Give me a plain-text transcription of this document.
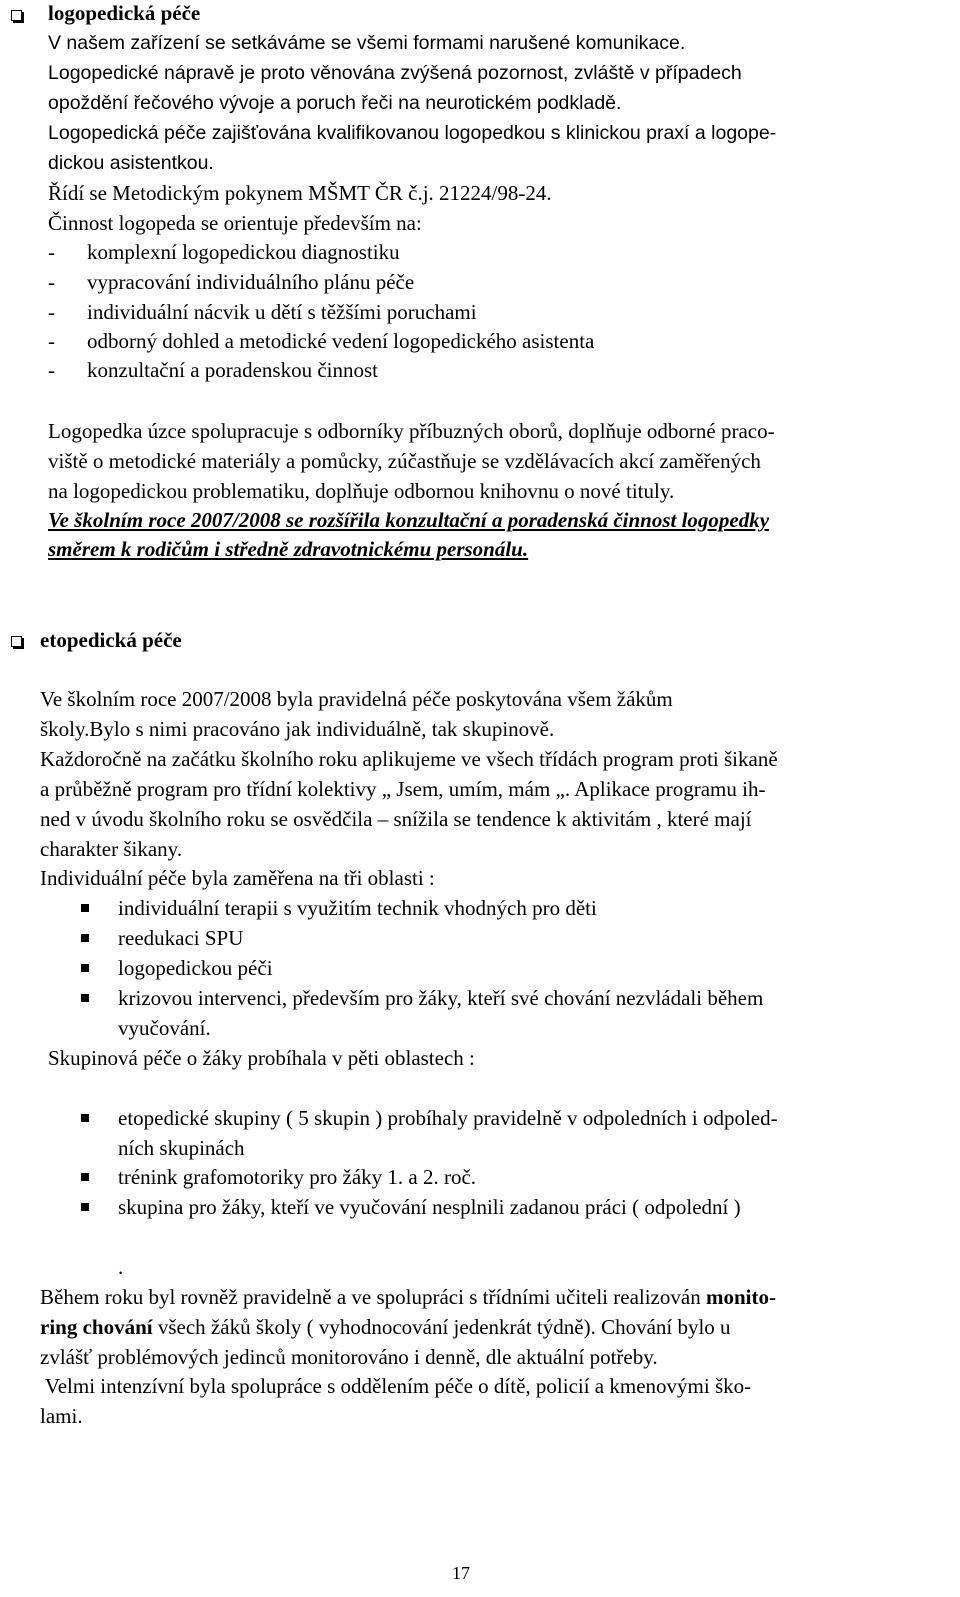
logopedická péče
V našem zařízení se setkáváme se všemi formami narušené komunikace.
Logopedické nápravě je proto věnována zvýšená pozornost, zvláště v případech
opoždění řečového vývoje a poruch řeči na neurotickém podkladě.
Logopedická péče zajišťována kvalifikovanou logopedkou s klinickou praxí a logope-
dickou asistentkou.
Řídí se Metodickým pokynem MŠMT ČR č.j. 21224/98-24.
Činnost logopeda se orientuje především na:
- komplexní logopedickou diagnostiku
- vypracování individuálního plánu péče
- individuální nácvik u dětí s těžšími poruchami
- odborný dohled a metodické vedení logopedického asistenta
- konzultační a poradenskou činnost
Logopedka úzce spolupracuje s odborníky příbuzných oborů, doplňuje odborné praco-
viště o metodické materiály a pomůcky, zúčastňuje se vzdělávacích akcí zaměřených
na logopedickou problematiku, doplňuje odbornou knihovnu o nové tituly.
Ve školním roce 2007/2008 se rozšířila konzultační a poradenská činnost logopedky
směrem k rodičům i středně zdravotnickému personálu.
etopedická péče
Ve školním roce 2007/2008 byla pravidelná péče poskytována všem žákům
školy.Bylo s nimi pracováno jak individuálně, tak skupinově.
Každoročně na začátku školního roku aplikujeme ve všech třídách program proti šikaně
a průběžně program pro třídní kolektivy „ Jsem, umím, mám „. Aplikace programu ih-
ned v úvodu školního roku se osvědčila – snížila se tendence k aktivitám , které mají
charakter šikany.
Individuální péče byla zaměřena na tři oblasti :
individuální terapii s využitím technik vhodných pro děti
reedukaci SPU
logopedickou péči
krizovou intervenci, především pro žáky, kteří své chování nezvládali během
vyučování.
Skupinová péče o žáky probíhala v pěti oblastech :
etopedické skupiny ( 5 skupin ) probíhaly pravidelně v odpoledních i odpoled-
ních skupinách
trénink grafomotoriky pro žáky 1. a 2. roč.
skupina pro žáky, kteří ve vyučování nesplnili zadanou práci ( odpolední )
.
Během roku byl rovněž pravidelně a ve spolupráci s třídními učiteli realizován monito-
ring chování všech žáků školy ( vyhodnocování jedenkrát týdně). Chování bylo u
zvlášť problémových jedinců monitorováno i denně, dle aktuální potřeby.
Velmi intenzívní byla spolupráce s oddělením péče o dítě, policií a kmenovými ško-
lami.
17
